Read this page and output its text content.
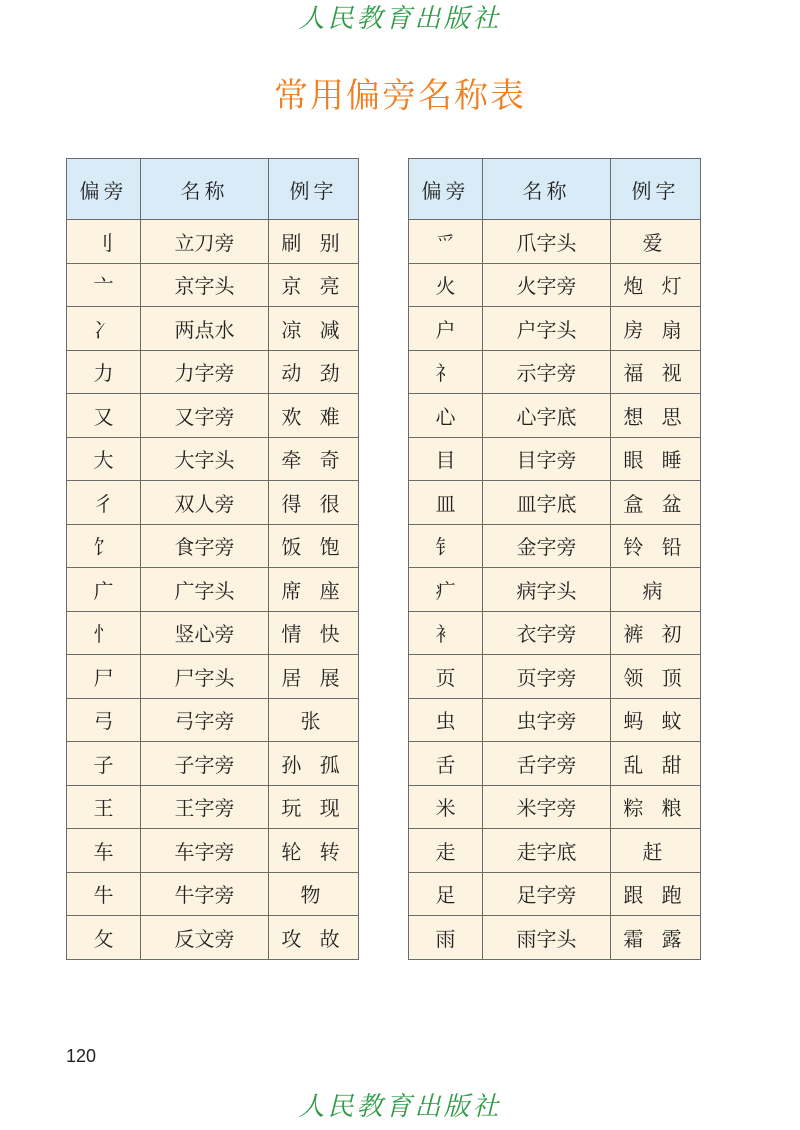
人民教育出版社
常用偏旁名称表
偏旁	名称	例字
刂	立刀旁	刷 别
亠	京字头	京 亮
冫	两点水	凉 减
力	力字旁	动 劲
又	又字旁	欢 难
大	大字头	牵 奇
彳	双人旁	得 很
饣	食字旁	饭 饱
广	广字头	席 座
忄	竖心旁	情 快
尸	尸字头	居 展
弓	弓字旁	张
子	子字旁	孙 孤
王	王字旁	玩 现
车	车字旁	轮 转
牛	牛字旁	物
攵	反文旁	攻 故
偏旁	名称	例字
爫	爪字头	爱
火	火字旁	炮 灯
户	户字头	房 扇
礻	示字旁	福 视
心	心字底	想 思
目	目字旁	眼 睡
皿	皿字底	盒 盆
钅	金字旁	铃 铅
疒	病字头	病
衤	衣字旁	裤 初
页	页字旁	领 顶
虫	虫字旁	蚂 蚊
舌	舌字旁	乱 甜
米	米字旁	粽 粮
走	走字底	赶
足	足字旁	跟 跑
雨	雨字头	霜 露
120
人民教育出版社
